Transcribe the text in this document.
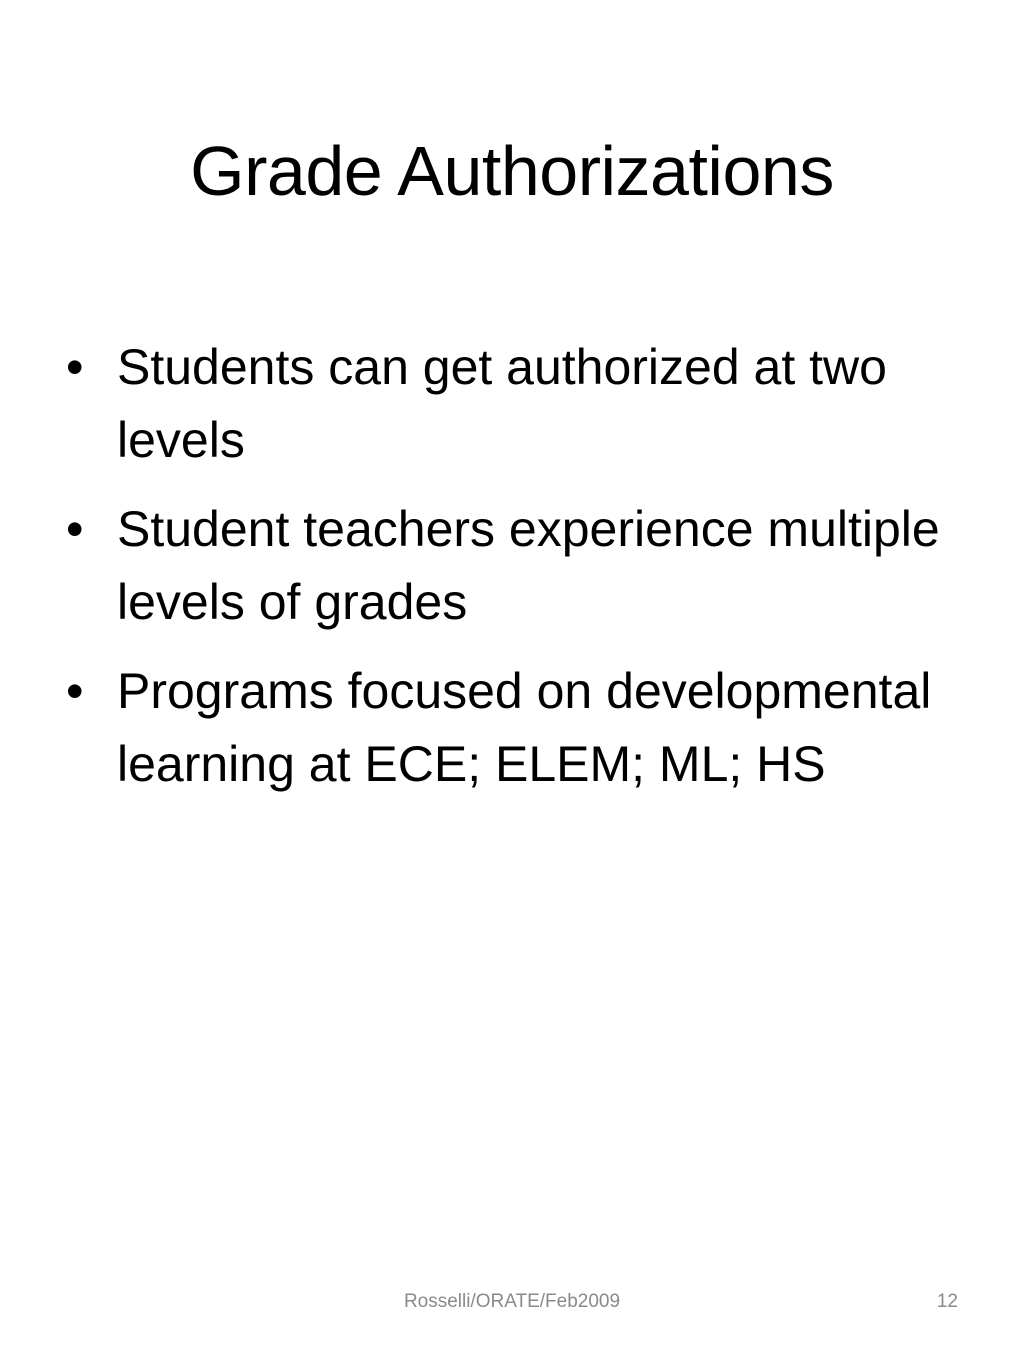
Grade Authorizations
• Students can get authorized at two levels
• Student teachers experience multiple levels of grades
• Programs focused on developmental learning at ECE; ELEM; ML; HS
Rosselli/ORATE/Feb2009	12
